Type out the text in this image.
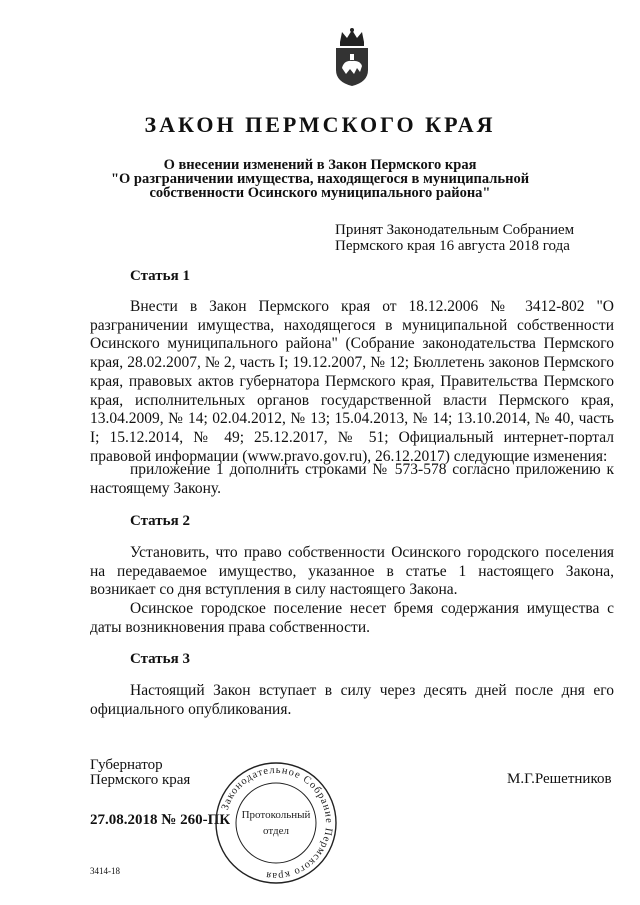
ЗАКОН ПЕРМСКОГО КРАЯ
О внесении изменений в Закон Пермского края
"О разграничении имущества, находящегося в муниципальной
собственности Осинского муниципального района"
Принят Законодательным Собранием
Пермского края 16 августа 2018 года
Статья 1
Внести в Закон Пермского края от 18.12.2006 № 3412-802 "О разграничении имущества, находящегося в муниципальной собственности Осинского муниципального района" (Собрание законодательства Пермского края, 28.02.2007, № 2, часть I; 19.12.2007, № 12; Бюллетень законов Пермского края, правовых актов губернатора Пермского края, Правительства Пермского края, исполнительных органов государственной власти Пермского края, 13.04.2009, № 14; 02.04.2012, № 13; 15.04.2013, № 14; 13.10.2014, № 40, часть I; 15.12.2014, № 49; 25.12.2017, № 51; Официальный интернет-портал правовой информации (www.pravo.gov.ru), 26.12.2017) следующие изменения:
приложение 1 дополнить строками № 573-578 согласно приложению к настоящему Закону.
Статья 2
Установить, что право собственности Осинского городского поселения на передаваемое имущество, указанное в статье 1 настоящего Закона, возникает со дня вступления в силу настоящего Закона.
Осинское городское поселение несет бремя содержания имущества с даты возникновения права собственности.
Статья 3
Настоящий Закон вступает в силу через десять дней после дня его официального опубликования.
Губернатор
Пермского края	М.Г.Решетников
27.08.2018 № 260-ПК
3414-18
Законодательное Собрание Пермского края
Протокольный
отдел
